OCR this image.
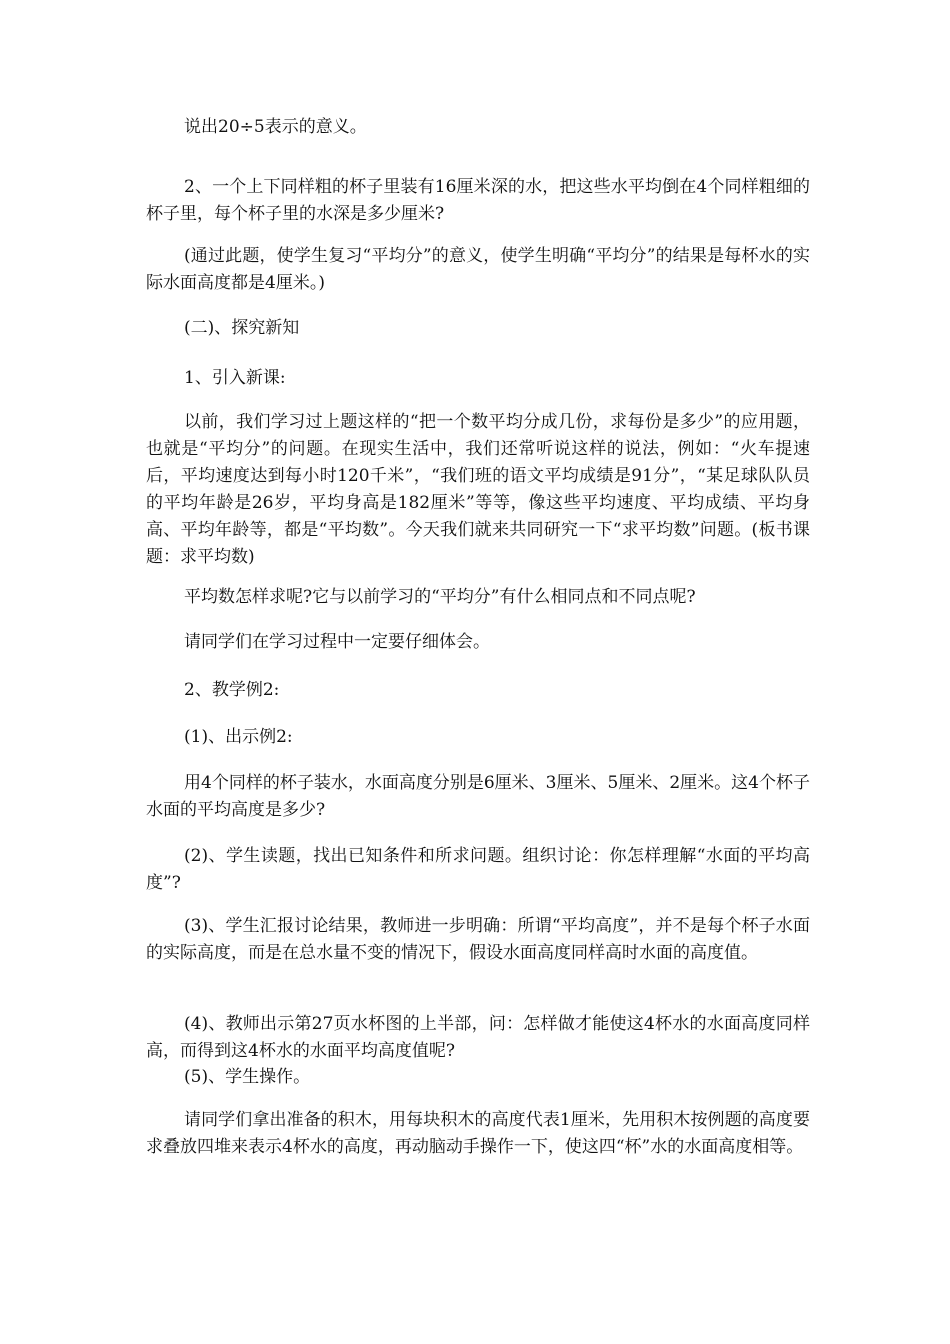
说出20÷5表示的意义。

2、一个上下同样粗的杯子里装有16厘米深的水，把这些水平均倒在4个同样粗细的杯子里，每个杯子里的水深是多少厘米?

(通过此题，使学生复习“平均分”的意义，使学生明确“平均分”的结果是每杯水的实际水面高度都是4厘米。)

(二)、探究新知

1、引入新课:

以前，我们学习过上题这样的“把一个数平均分成几份，求每份是多少”的应用题，也就是“平均分”的问题。在现实生活中，我们还常听说这样的说法，例如：“火车提速后，平均速度达到每小时120千米”，“我们班的语文平均成绩是91分”，“某足球队队员的平均年龄是26岁，平均身高是182厘米”等等，像这些平均速度、平均成绩、平均身高、平均年龄等，都是“平均数”。今天我们就来共同研究一下“求平均数”问题。(板书课题：求平均数)

平均数怎样求呢?它与以前学习的“平均分”有什么相同点和不同点呢?

请同学们在学习过程中一定要仔细体会。

2、教学例2:

(1)、出示例2:

用4个同样的杯子装水，水面高度分别是6厘米、3厘米、5厘米、2厘米。这4个杯子水面的平均高度是多少?

(2)、学生读题，找出已知条件和所求问题。组织讨论：你怎样理解“水面的平均高度”?

(3)、学生汇报讨论结果，教师进一步明确：所谓“平均高度”，并不是每个杯子水面的实际高度，而是在总水量不变的情况下，假设水面高度同样高时水面的高度值。

(4)、教师出示第27页水杯图的上半部，问：怎样做才能使这4杯水的水面高度同样高，而得到这4杯水的水面平均高度值呢?

(5)、学生操作。

请同学们拿出准备的积木，用每块积木的高度代表1厘米，先用积木按例题的高度要求叠放四堆来表示4杯水的高度，再动脑动手操作一下，使这四“杯”水的水面高度相等。
